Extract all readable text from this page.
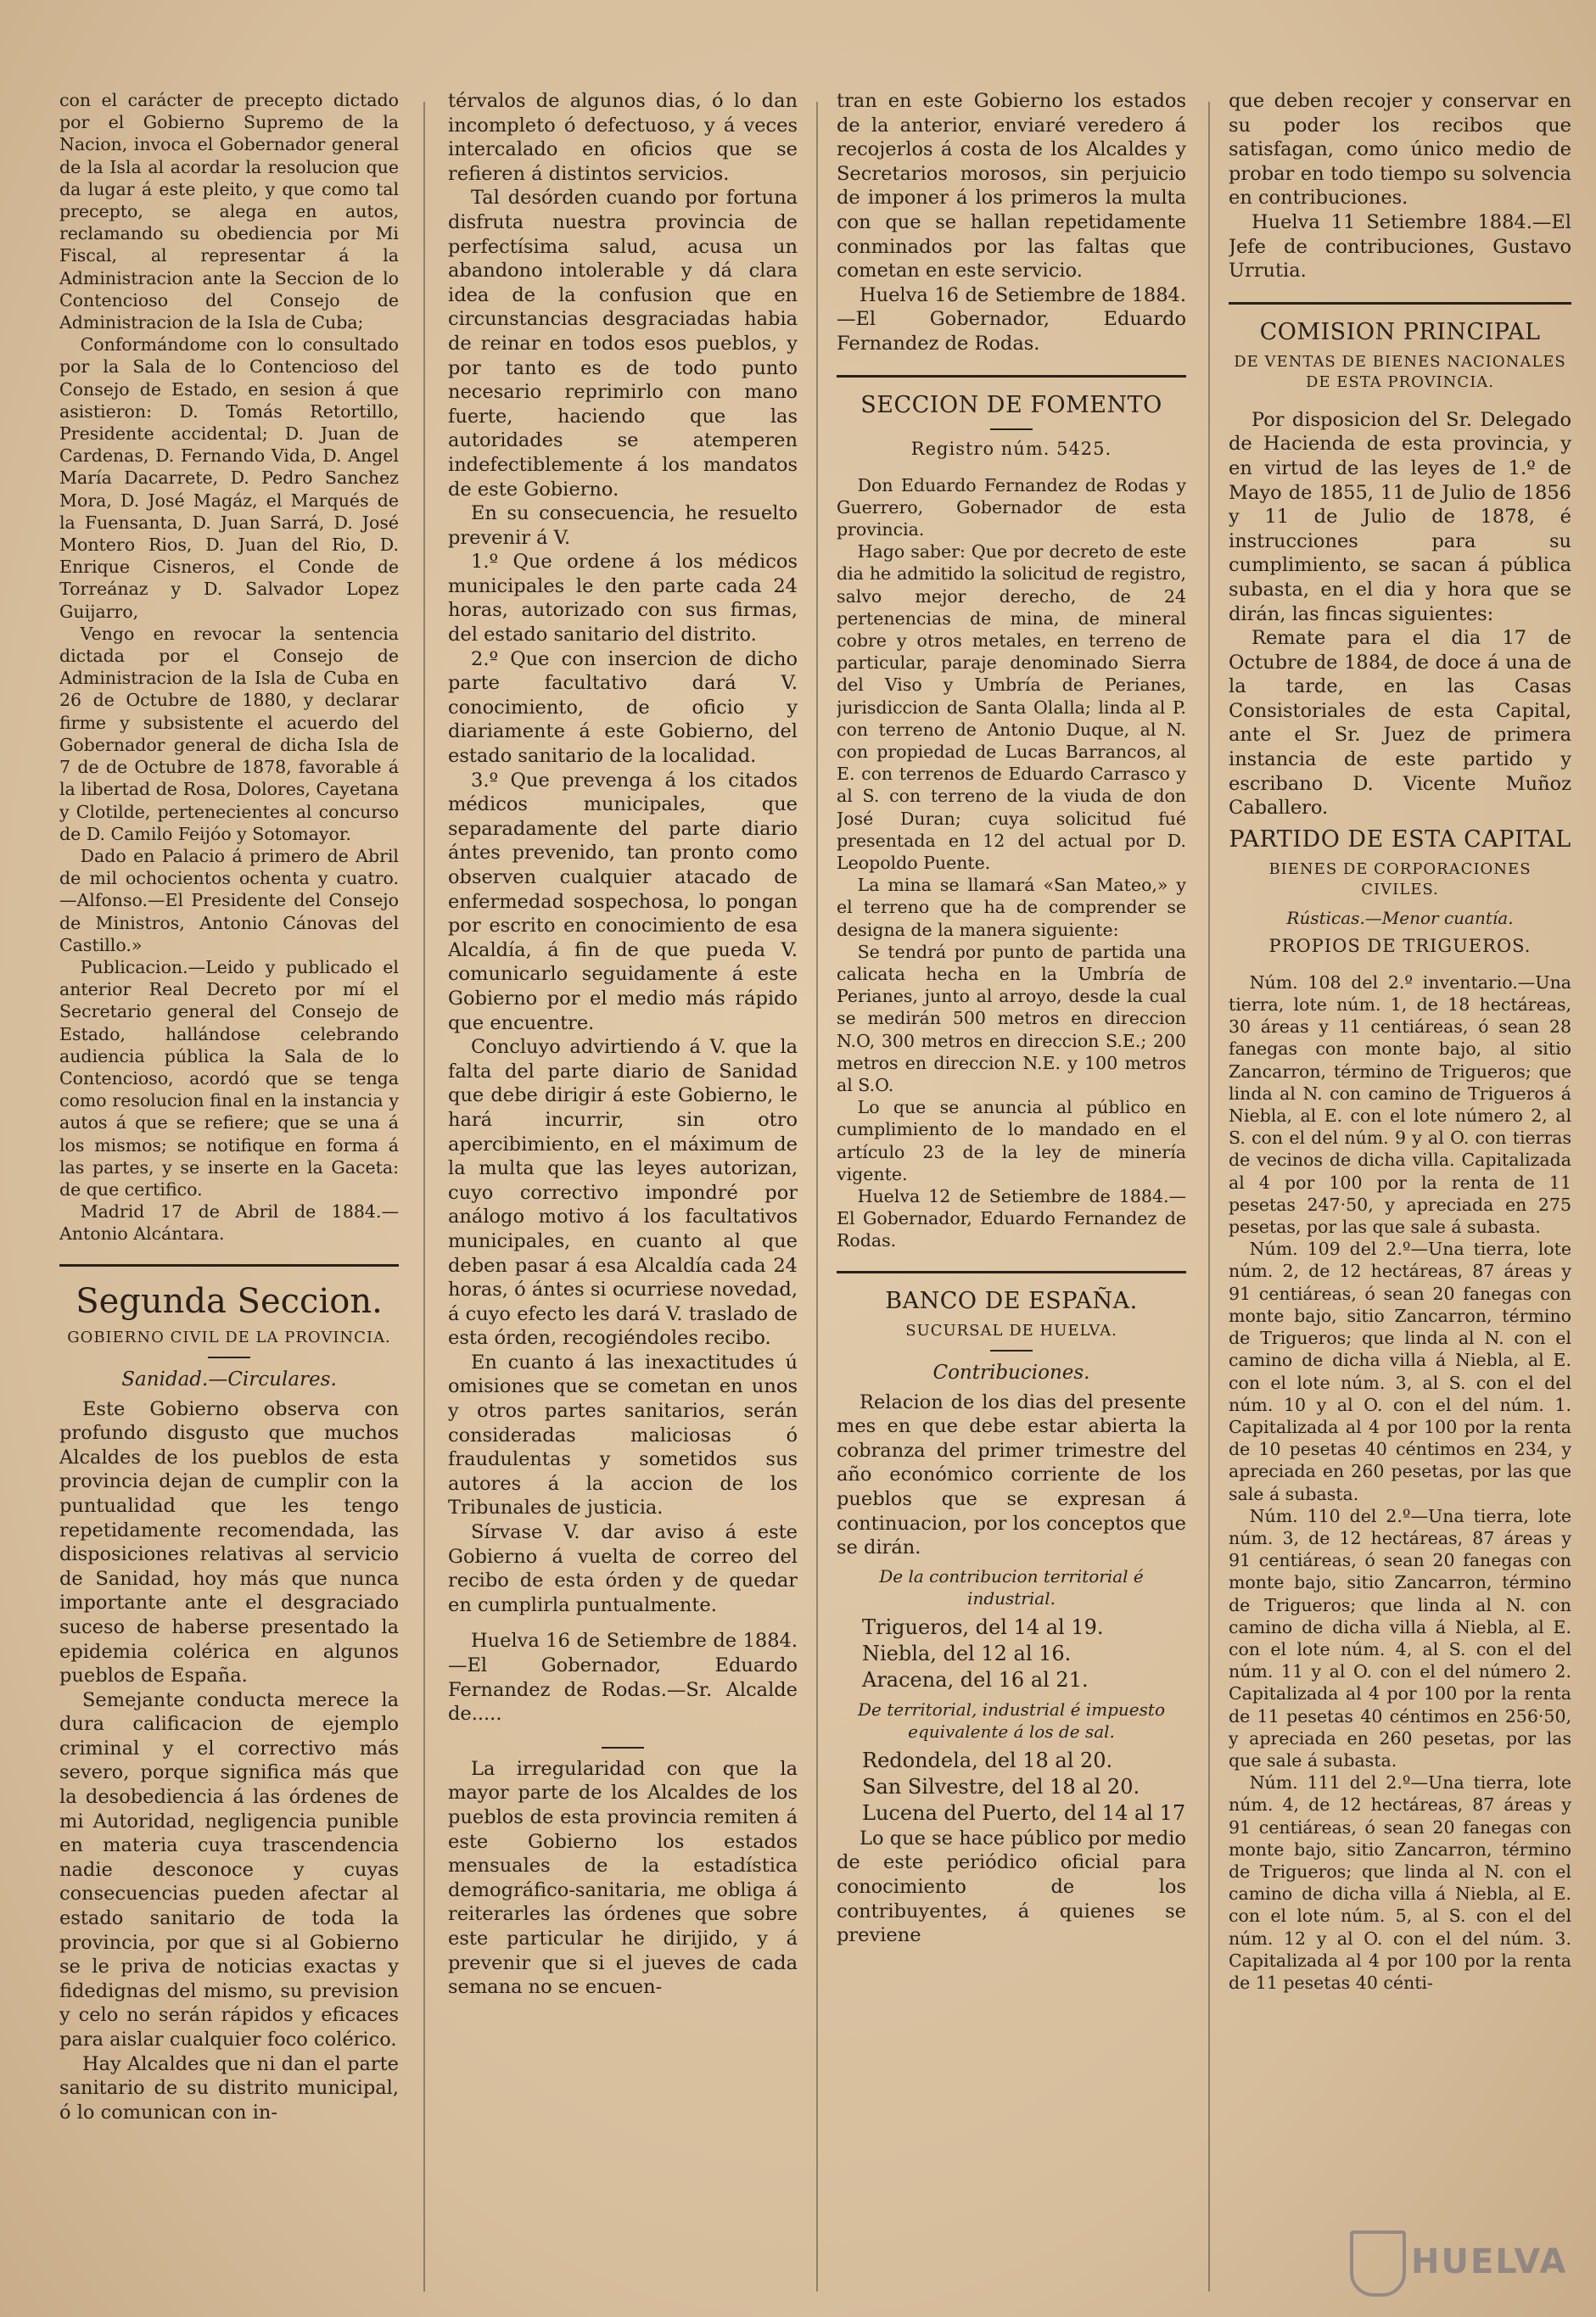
con el carácter de precepto dictado por el Gobierno Supremo de la Nacion, invoca el Gobernador general de la Isla al acordar la resolucion que da lugar á este pleito, y que como tal precepto, se alega en autos, reclamando su obediencia por Mi Fiscal, al representar á la Administracion ante la Seccion de lo Contencioso del Consejo de Administracion de la Isla de Cuba;

Conformándome con lo consultado por la Sala de lo Contencioso del Consejo de Estado, en sesion á que asistieron: D. Tomás Retortillo, Presidente accidental; D. Juan de Cardenas, D. Fernando Vida, D. Angel María Dacarrete, D. Pedro Sanchez Mora, D. José Magáz, el Marqués de la Fuensanta, D. Juan Sarrá, D. José Montero Rios, D. Juan del Rio, D. Enrique Cisneros, el Conde de Torreánaz y D. Salvador Lopez Guijarro,

Vengo en revocar la sentencia dictada por el Consejo de Administracion de la Isla de Cuba en 26 de Octubre de 1880, y declarar firme y subsistente el acuerdo del Gobernador general de dicha Isla de 7 de de Octubre de 1878, favorable á la libertad de Rosa, Dolores, Cayetana y Clotilde, pertenecientes al concurso de D. Camilo Feijóo y Sotomayor.

Dado en Palacio á primero de Abril de mil ochocientos ochenta y cuatro.—Alfonso.—El Presidente del Consejo de Ministros, Antonio Cánovas del Castillo.»

Publicacion.—Leido y publicado el anterior Real Decreto por mí el Secretario general del Consejo de Estado, hallándose celebrando audiencia pública la Sala de lo Contencioso, acordó que se tenga como resolucion final en la instancia y autos á que se refiere; que se una á los mismos; se notifique en forma á las partes, y se inserte en la Gaceta: de que certifico.

Madrid 17 de Abril de 1884.—Antonio Alcántara.

Segunda Seccion.
GOBIERNO CIVIL DE LA PROVINCIA.
Sanidad.—Circulares.

Este Gobierno observa con profundo disgusto que muchos Alcaldes de los pueblos de esta provincia dejan de cumplir con la puntualidad que les tengo repetidamente recomendada, las disposiciones relativas al servicio de Sanidad, hoy más que nunca importante ante el desgraciado suceso de haberse presentado la epidemia colérica en algunos pueblos de España.

Semejante conducta merece la dura calificacion de ejemplo criminal y el correctivo más severo, porque significa más que la desobediencia á las órdenes de mi Autoridad, negligencia punible en materia cuya trascendencia nadie desconoce y cuyas consecuencias pueden afectar al estado sanitario de toda la provincia, por que si al Gobierno se le priva de noticias exactas y fidedignas del mismo, su prevision y celo no serán rápidos y eficaces para aislar cualquier foco colérico.

Hay Alcaldes que ni dan el parte sanitario de su distrito municipal, ó lo comunican con in-

térvalos de algunos dias, ó lo dan incompleto ó defectuoso, y á veces intercalado en oficios que se refieren á distintos servicios.

Tal desórden cuando por fortuna disfruta nuestra provincia de perfectísima salud, acusa un abandono intolerable y dá clara idea de la confusion que en circunstancias desgraciadas habia de reinar en todos esos pueblos, y por tanto es de todo punto necesario reprimirlo con mano fuerte, haciendo que las autoridades se atemperen indefectiblemente á los mandatos de este Gobierno.

En su consecuencia, he resuelto prevenir á V.

1.º Que ordene á los médicos municipales le den parte cada 24 horas, autorizado con sus firmas, del estado sanitario del distrito.

2.º Que con insercion de dicho parte facultativo dará V. conocimiento, de oficio y diariamente á este Gobierno, del estado sanitario de la localidad.

3.º Que prevenga á los citados médicos municipales, que separadamente del parte diario ántes prevenido, tan pronto como observen cualquier atacado de enfermedad sospechosa, lo pongan por escrito en conocimiento de esa Alcaldía, á fin de que pueda V. comunicarlo seguidamente á este Gobierno por el medio más rápido que encuentre.

Concluyo advirtiendo á V. que la falta del parte diario de Sanidad que debe dirigir á este Gobierno, le hará incurrir, sin otro apercibimiento, en el máximum de la multa que las leyes autorizan, cuyo correctivo impondré por análogo motivo á los facultativos municipales, en cuanto al que deben pasar á esa Alcaldía cada 24 horas, ó ántes si ocurriese novedad, á cuyo efecto les dará V. traslado de esta órden, recogiéndoles recibo.

En cuanto á las inexactitudes ú omisiones que se cometan en unos y otros partes sanitarios, serán consideradas maliciosas ó fraudulentas y sometidos sus autores á la accion de los Tribunales de justicia.

Sírvase V. dar aviso á este Gobierno á vuelta de correo del recibo de esta órden y de quedar en cumplirla puntualmente.

Huelva 16 de Setiembre de 1884.—El Gobernador, Eduardo Fernandez de Rodas.—Sr. Alcalde de.....

La irregularidad con que la mayor parte de los Alcaldes de los pueblos de esta provincia remiten á este Gobierno los estados mensuales de la estadística demográfico-sanitaria, me obliga á reiterarles las órdenes que sobre este particular he dirijido, y á prevenir que si el jueves de cada semana no se encuen-

tran en este Gobierno los estados de la anterior, enviaré veredero á recojerlos á costa de los Alcaldes y Secretarios morosos, sin perjuicio de imponer á los primeros la multa con que se hallan repetidamente conminados por las faltas que cometan en este servicio.

Huelva 16 de Setiembre de 1884.—El Gobernador, Eduardo Fernandez de Rodas.

SECCION DE FOMENTO
Registro núm. 5425.

Don Eduardo Fernandez de Rodas y Guerrero, Gobernador de esta provincia.

Hago saber: Que por decreto de este dia he admitido la solicitud de registro, salvo mejor derecho, de 24 pertenencias de mina, de mineral cobre y otros metales, en terreno de particular, paraje denominado Sierra del Viso y Umbría de Perianes, jurisdiccion de Santa Olalla; linda al P. con terreno de Antonio Duque, al N. con propiedad de Lucas Barrancos, al E. con terrenos de Eduardo Carrasco y al S. con terreno de la viuda de don José Duran; cuya solicitud fué presentada en 12 del actual por D. Leopoldo Puente.

La mina se llamará «San Mateo,» y el terreno que ha de comprender se designa de la manera siguiente:

Se tendrá por punto de partida una calicata hecha en la Umbría de Perianes, junto al arroyo, desde la cual se medirán 500 metros en direccion N.O, 300 metros en direccion S.E.; 200 metros en direccion N.E. y 100 metros al S.O.

Lo que se anuncia al público en cumplimiento de lo mandado en el artículo 23 de la ley de minería vigente.

Huelva 12 de Setiembre de 1884.—El Gobernador, Eduardo Fernandez de Rodas.

BANCO DE ESPAÑA.
SUCURSAL DE HUELVA.
Contribuciones.

Relacion de los dias del presente mes en que debe estar abierta la cobranza del primer trimestre del año económico corriente de los pueblos que se expresan á continuacion, por los conceptos que se dirán.

De la contribucion territorial é industrial.
Trigueros, del 14 al 19.
Niebla, del 12 al 16.
Aracena, del 16 al 21.
De territorial, industrial é impuesto equivalente á los de sal.
Redondela, del 18 al 20.
San Silvestre, del 18 al 20.
Lucena del Puerto, del 14 al 17

Lo que se hace público por medio de este periódico oficial para conocimiento de los contribuyentes, á quienes se previene

que deben recojer y conservar en su poder los recibos que satisfagan, como único medio de probar en todo tiempo su solvencia en contribuciones.

Huelva 11 Setiembre 1884.—El Jefe de contribuciones, Gustavo Urrutia.

COMISION PRINCIPAL
DE VENTAS DE BIENES NACIONALES DE ESTA PROVINCIA.

Por disposicion del Sr. Delegado de Hacienda de esta provincia, y en virtud de las leyes de 1.º de Mayo de 1855, 11 de Julio de 1856 y 11 de Julio de 1878, é instrucciones para su cumplimiento, se sacan á pública subasta, en el dia y hora que se dirán, las fincas siguientes:

Remate para el dia 17 de Octubre de 1884, de doce á una de la tarde, en las Casas Consistoriales de esta Capital, ante el Sr. Juez de primera instancia de este partido y escribano D. Vicente Muñoz Caballero.

PARTIDO DE ESTA CAPITAL
BIENES DE CORPORACIONES CIVILES.
Rústicas.—Menor cuantía.
PROPIOS DE TRIGUEROS.

Núm. 108 del 2.º inventario.—Una tierra, lote núm. 1, de 18 hectáreas, 30 áreas y 11 centiáreas, ó sean 28 fanegas con monte bajo, al sitio Zancarron, término de Trigueros; que linda al N. con camino de Trigueros á Niebla, al E. con el lote número 2, al S. con el del núm. 9 y al O. con tierras de vecinos de dicha villa. Capitalizada al 4 por 100 por la renta de 11 pesetas 247·50, y apreciada en 275 pesetas, por las que sale á subasta.

Núm. 109 del 2.º—Una tierra, lote núm. 2, de 12 hectáreas, 87 áreas y 91 centiáreas, ó sean 20 fanegas con monte bajo, sitio Zancarron, término de Trigueros; que linda al N. con el camino de dicha villa á Niebla, al E. con el lote núm. 3, al S. con el del núm. 10 y al O. con el del núm. 1. Capitalizada al 4 por 100 por la renta de 10 pesetas 40 céntimos en 234, y apreciada en 260 pesetas, por las que sale á subasta.

Núm. 110 del 2.º—Una tierra, lote núm. 3, de 12 hectáreas, 87 áreas y 91 centiáreas, ó sean 20 fanegas con monte bajo, sitio Zancarron, término de Trigueros; que linda al N. con camino de dicha villa á Niebla, al E. con el lote núm. 4, al S. con el del núm. 11 y al O. con el del número 2. Capitalizada al 4 por 100 por la renta de 11 pesetas 40 céntimos en 256·50, y apreciada en 260 pesetas, por las que sale á subasta.

Núm. 111 del 2.º—Una tierra, lote núm. 4, de 12 hectáreas, 87 áreas y 91 centiáreas, ó sean 20 fanegas con monte bajo, sitio Zancarron, término de Trigueros; que linda al N. con el camino de dicha villa á Niebla, al E. con el lote núm. 5, al S. con el del núm. 12 y al O. con el del núm. 3. Capitalizada al 4 por 100 por la renta de 11 pesetas 40 cénti-

HUELVA
